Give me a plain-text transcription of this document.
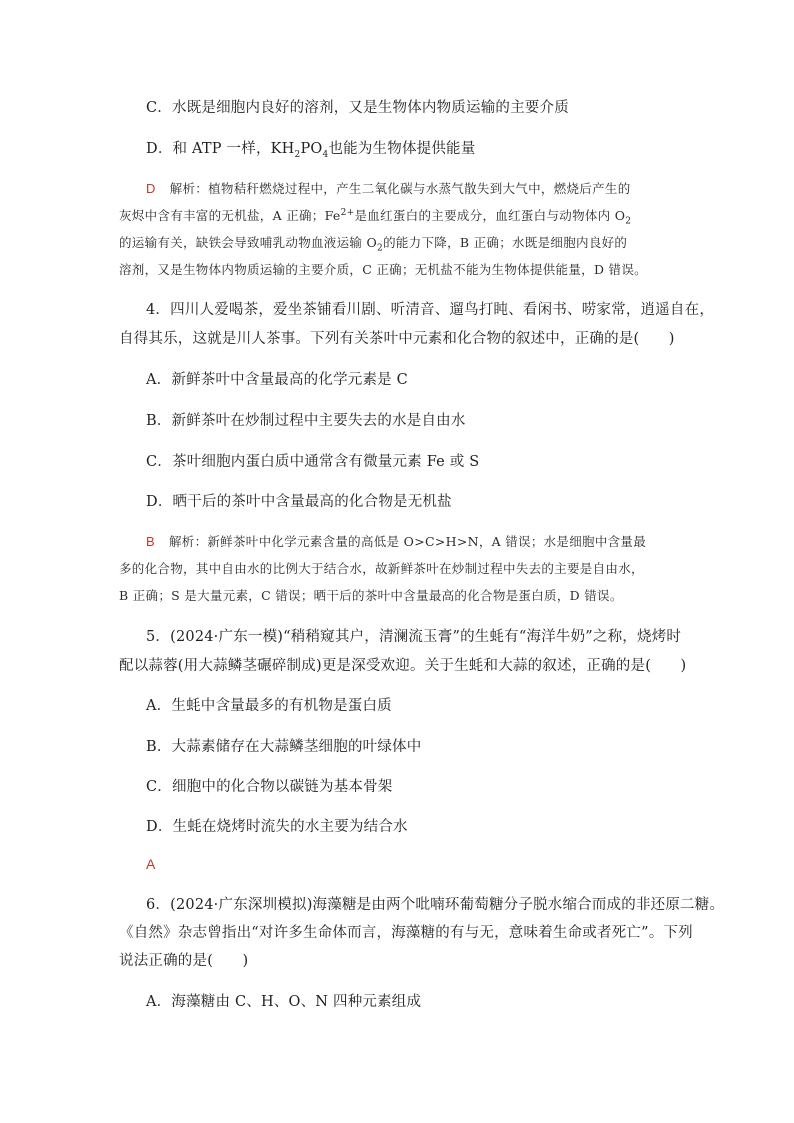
C．水既是细胞内良好的溶剂，又是生物体内物质运输的主要介质
D．和 ATP 一样，$KH_2PO_4$也能为生物体提供能量
D 解析：植物秸秆燃烧过程中，产生二氧化碳与水蒸气散失到大气中，燃烧后产生的
灰烬中含有丰富的无机盐，A 正确；$Fe^{2+}$是血红蛋白的主要成分，血红蛋白与动物体内 $O_2$
的运输有关，缺铁会导致哺乳动物血液运输 $O_2$的能力下降，B 正确；水既是细胞内良好的
溶剂，又是生物体内物质运输的主要介质，C 正确；无机盐不能为生物体提供能量，D 错误。
4．四川人爱喝茶，爱坐茶铺看川剧、听清音、遛鸟打盹、看闲书、唠家常，逍遥自在，
自得其乐，这就是川人茶事。下列有关茶叶中元素和化合物的叙述中，正确的是(　　)
A．新鲜茶叶中含量最高的化学元素是 C
B．新鲜茶叶在炒制过程中主要失去的水是自由水
C．茶叶细胞内蛋白质中通常含有微量元素 Fe 或 S
D．晒干后的茶叶中含量最高的化合物是无机盐
B 解析：新鲜茶叶中化学元素含量的高低是 O>C>H>N，A 错误；水是细胞中含量最
多的化合物，其中自由水的比例大于结合水，故新鲜茶叶在炒制过程中失去的主要是自由水，
B 正确；S 是大量元素，C 错误；晒干后的茶叶中含量最高的化合物是蛋白质，D 错误。
5．(2024·广东一模)“稍稍窥其户，清澜流玉膏”的生蚝有“海洋牛奶”之称，烧烤时
配以蒜蓉(用大蒜鳞茎碾碎制成)更是深受欢迎。关于生蚝和大蒜的叙述，正确的是(　　)
A．生蚝中含量最多的有机物是蛋白质
B．大蒜素储存在大蒜鳞茎细胞的叶绿体中
C．细胞中的化合物以碳链为基本骨架
D．生蚝在烧烤时流失的水主要为结合水
A
6．(2024·广东深圳模拟)海藻糖是由两个吡喃环葡萄糖分子脱水缩合而成的非还原二糖。
《自然》杂志曾指出“对许多生命体而言，海藻糖的有与无，意味着生命或者死亡”。下列
说法正确的是(　　)
A．海藻糖由 C、H、O、N 四种元素组成
